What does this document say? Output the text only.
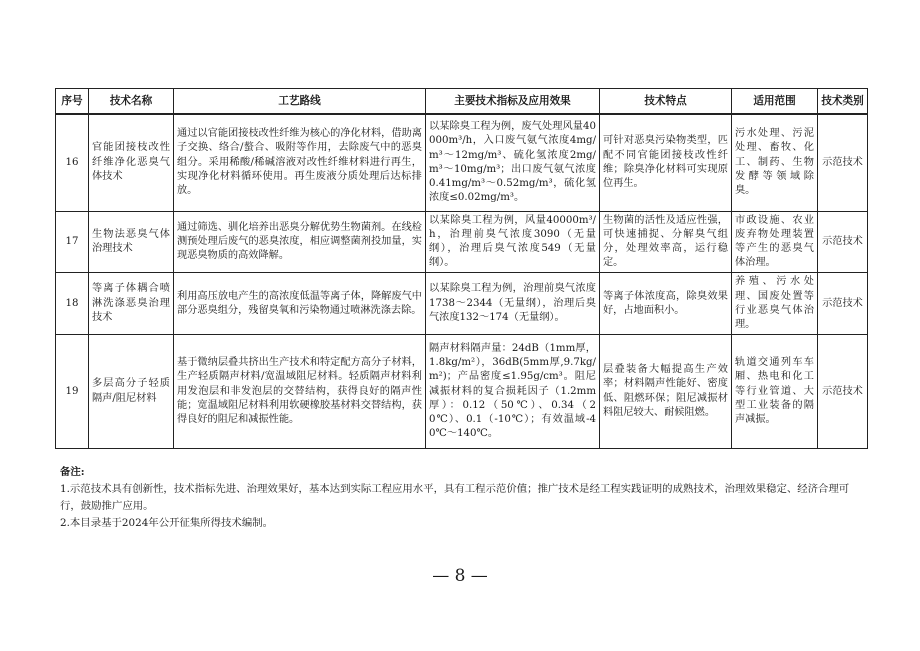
序号	技术名称	工艺路线	主要技术指标及应用效果	技术特点	适用范围	技术类别
16	官能团接枝改性纤维净化恶臭气体技术	通过以官能团接枝改性纤维为核心的净化材料，借助离子交换、络合/螯合、吸附等作用，去除废气中的恶臭组分。采用稀酸/稀碱溶液对改性纤维材料进行再生，实现净化材料循环使用。再生废液分质处理后达标排放。	以某除臭工程为例，废气处理风量40000m³/h，入口废气氨气浓度4mg/m³～12mg/m³、硫化氢浓度2mg/m³～10mg/m³；出口废气氨气浓度0.41mg/m³～0.52mg/m³，硫化氢浓度≤0.02mg/m³。	可针对恶臭污染物类型，匹配不同官能团接枝改性纤维；除臭净化材料可实现原位再生。	污水处理、污泥处理、畜牧、化工、制药、生物发酵等领域除臭。	示范技术
17	生物法恶臭气体治理技术	通过筛选、驯化培养出恶臭分解优势生物菌剂。在线检测预处理后废气的恶臭浓度，相应调整菌剂投加量，实现恶臭物质的高效降解。	以某除臭工程为例，风量40000m³/h，治理前臭气浓度3090（无量纲），治理后臭气浓度549（无量纲）。	生物菌的活性及适应性强，可快速捕捉、分解臭气组分，处理效率高，运行稳定。	市政设施、农业废弃物处理装置等产生的恶臭气体治理。	示范技术
18	等离子体耦合喷淋洗涤恶臭治理技术	利用高压放电产生的高浓度低温等离子体，降解废气中部分恶臭组分，残留臭氧和污染物通过喷淋洗涤去除。	以某除臭工程为例，治理前臭气浓度1738～2344（无量纲），治理后臭气浓度132～174（无量纲）。	等离子体浓度高，除臭效果好，占地面积小。	养殖、污水处理、国废处置等行业恶臭气体治理。	示范技术
19	多层高分子轻质隔声/阻尼材料	基于微纳层叠共挤出生产技术和特定配方高分子材料，生产轻质隔声材料/宽温域阻尼材料。轻质隔声材料利用发泡层和非发泡层的交替结构，获得良好的隔声性能；宽温域阻尼材料利用软硬橡胶基材料交替结构，获得良好的阻尼和减振性能。	隔声材料隔声量：24dB（1mm厚，1.8kg/m²），36dB(5mm厚,9.7kg/m²)；产品密度≤1.95g/cm³。阻尼减振材料的复合损耗因子（1.2mm厚）：0.12（50℃）、0.34（20℃）、0.1（-10℃）；有效温域-40℃～140℃。	层叠装备大幅提高生产效率；材料隔声性能好、密度低、阻燃环保；阻尼减振材料阻尼较大、耐候阻燃。	轨道交通列车车厢、热电和化工等行业管道、大型工业装备的隔声减振。	示范技术

备注:

1.示范技术具有创新性，技术指标先进、治理效果好，基本达到实际工程应用水平，具有工程示范价值；推广技术是经工程实践证明的成熟技术，治理效果稳定、经济合理可行，鼓励推广应用。

2.本目录基于2024年公开征集所得技术编制。

— 8 —
